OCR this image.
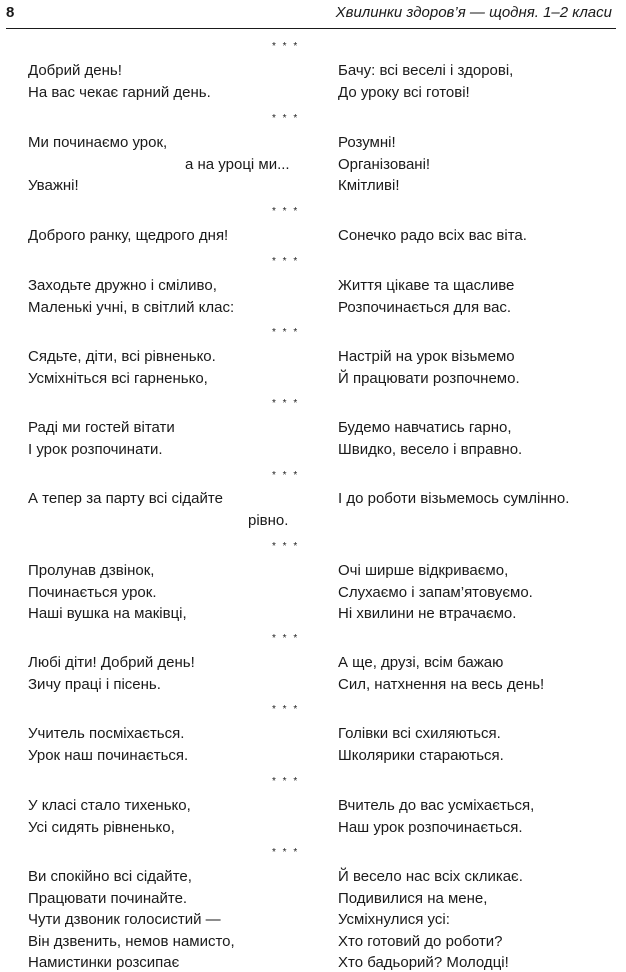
8	Хвилинки здоров’я — щодня. 1–2 класи
* * *
Добрий день!
На вас чекає гарний день.
Бачу: всі веселі і здорові,
До уроку всі готові!
* * *
Ми починаємо урок,
а на уроці ми...
Уважні!
Розумні!
Організовані!
Кмітливі!
* * *
Доброго ранку, щедрого дня!	Сонечко радо всіх вас віта.
* * *
Заходьте дружно і сміливо,
Маленькі учні, в світлий клас:
Життя цікаве та щасливе
Розпочинається для вас.
* * *
Сядьте, діти, всі рівненько.
Усміхніться всі гарненько,
Настрій на урок візьмемо
Й працювати розпочнемо.
* * *
Раді ми гостей вітати
І урок розпочинати.
Будемо навчатись гарно,
Швидко, весело і вправно.
* * *
А тепер за парту всі сідайте
рівно.
І до роботи візьмемось сумлінно.
* * *
Пролунав дзвінок,
Починається урок.
Наші вушка на маківці,
Очі ширше відкриваємо,
Слухаємо і запам’ятовуємо.
Ні хвилини не втрачаємо.
* * *
Любі діти! Добрий день!
Зичу праці і пісень.
А ще, друзі, всім бажаю
Сил, натхнення на весь день!
* * *
Учитель посміхається.
Урок наш починається.
Голівки всі схиляються.
Школярики стараються.
* * *
У класі стало тихенько,
Усі сидять рівненько,
Вчитель до вас усміхається,
Наш урок розпочинається.
* * *
Ви спокійно всі сідайте,
Працювати починайте.
Чути дзвоник голосистий —
Він дзвенить, немов намисто,
Намистинки розсипає
Й весело нас всіх скликає.
Подивилися на мене,
Усміхнулися усі:
Хто готовий до роботи?
Хто бадьорий? Молодці!
